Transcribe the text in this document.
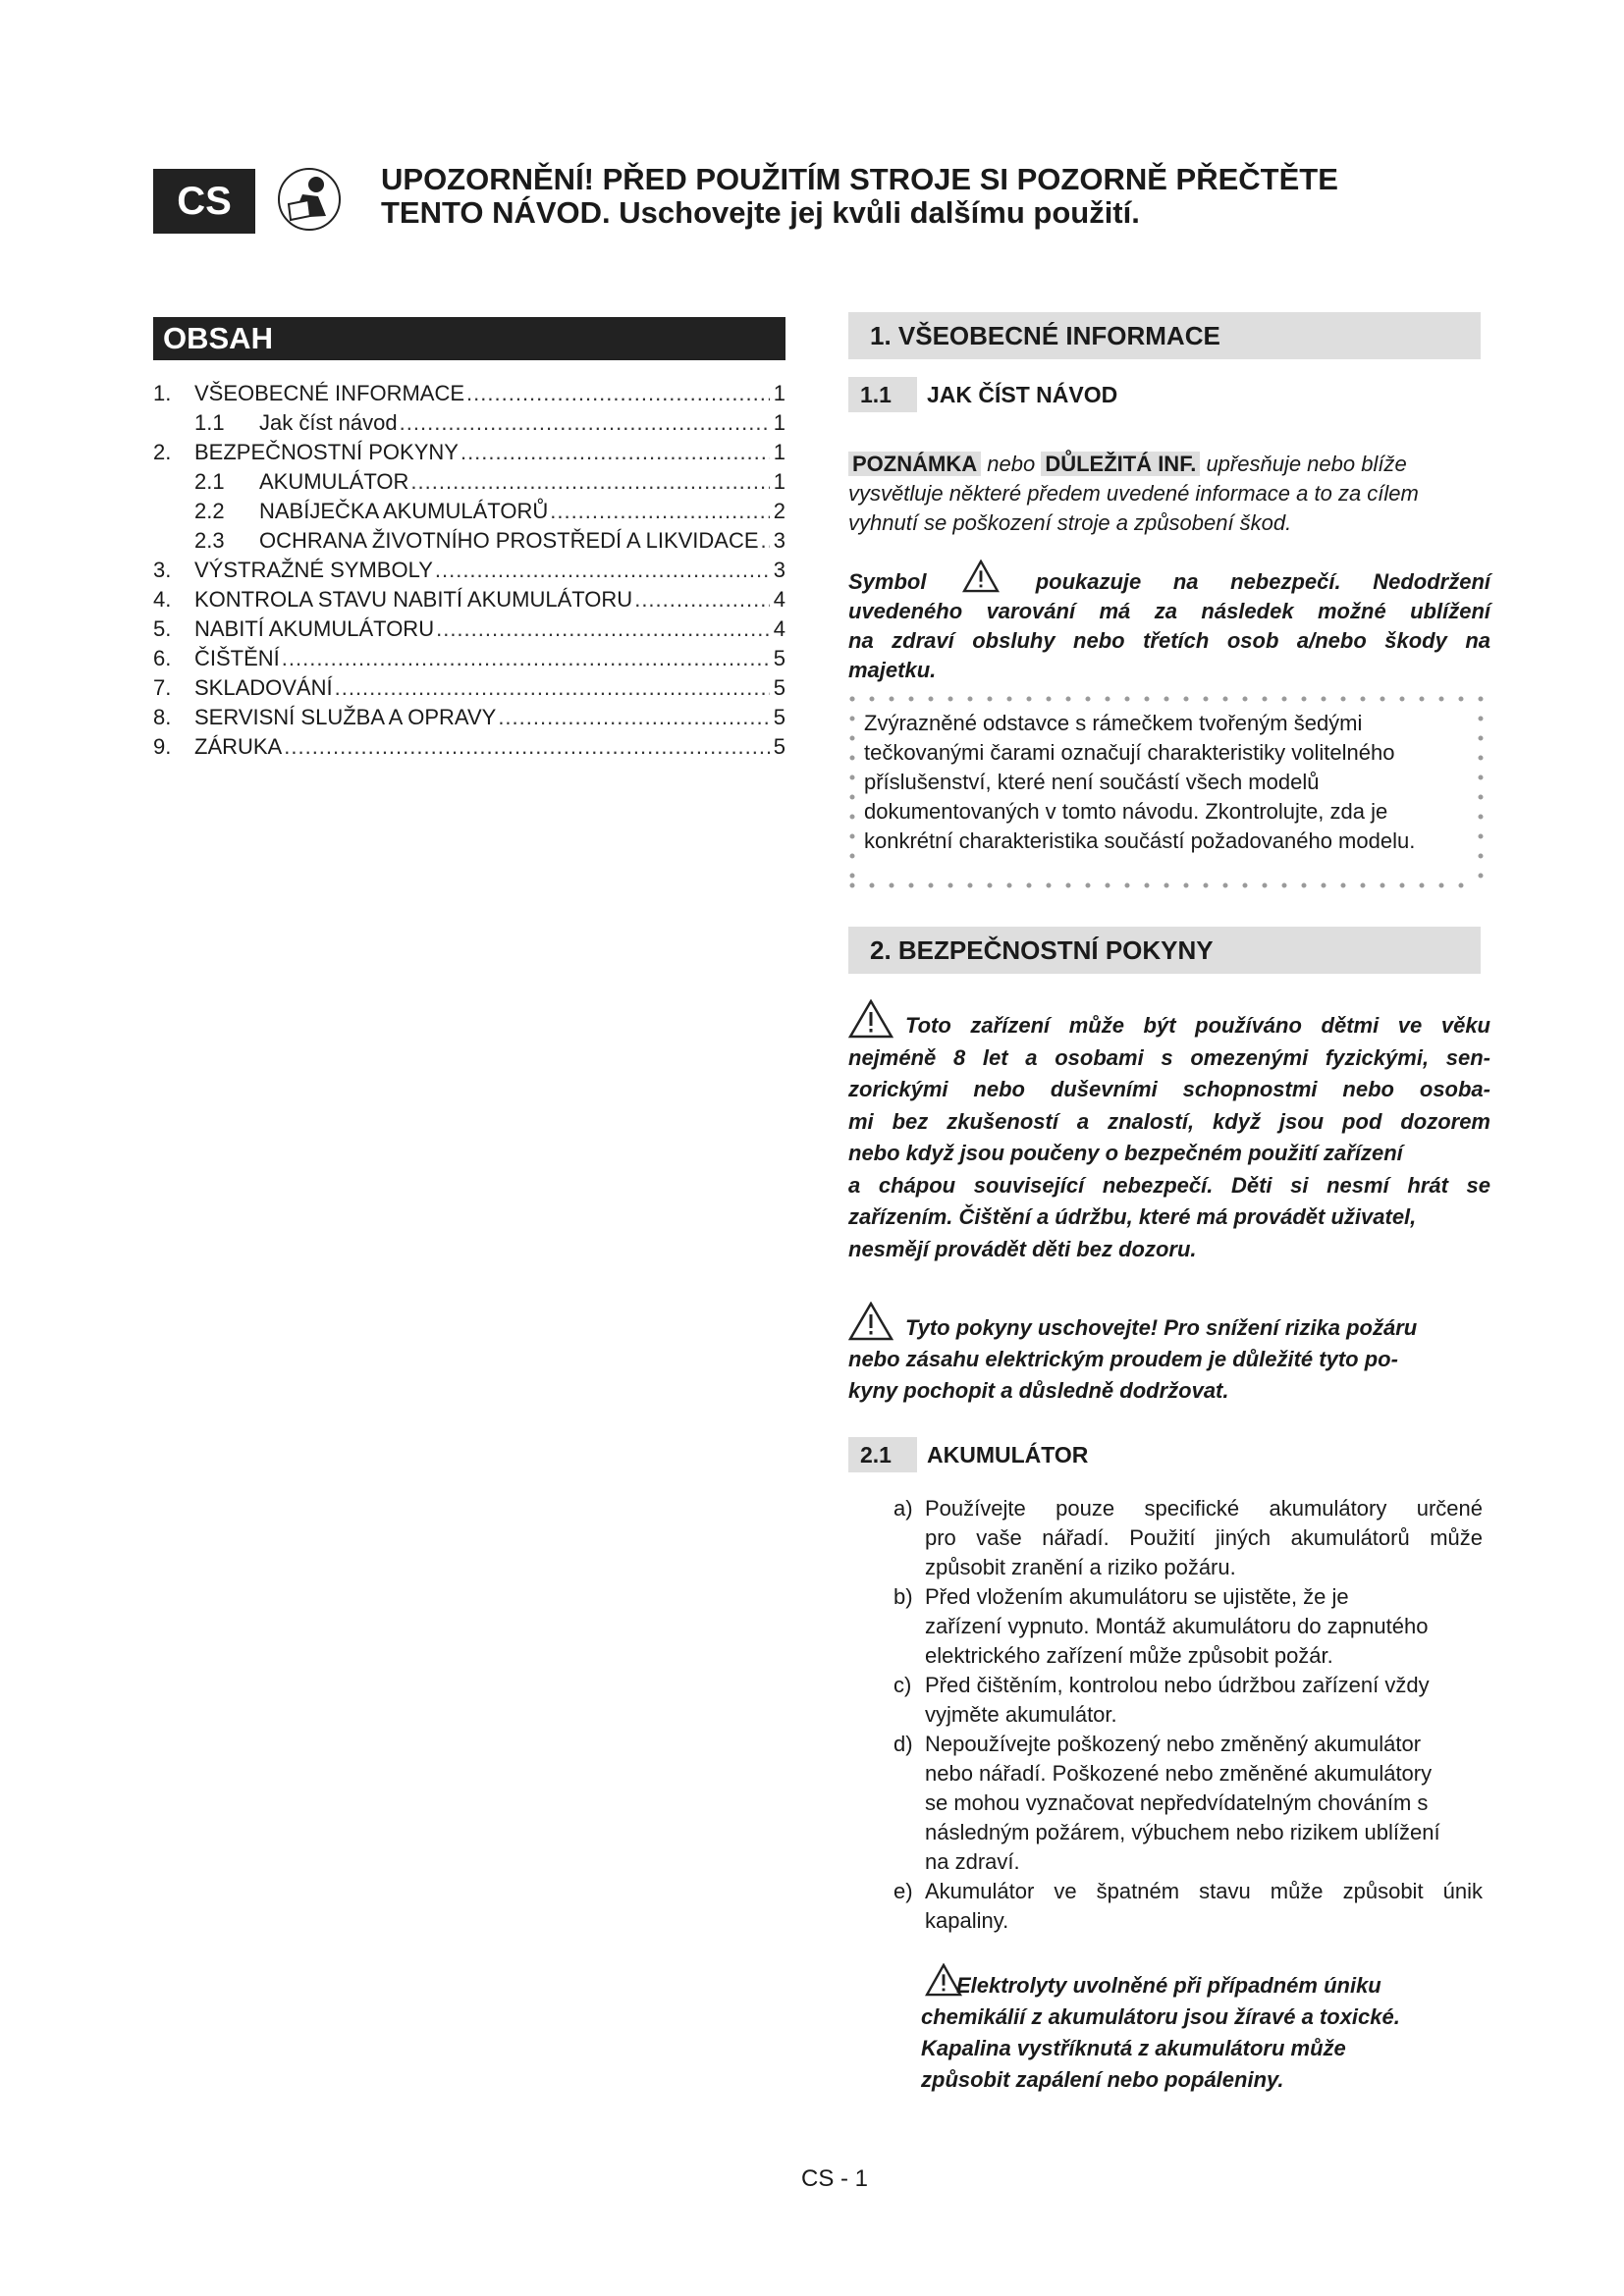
CS	UPOZORNĚNÍ! PŘED POUŽITÍM STROJE SI POZORNĚ PŘEČTĚTE
TENTO NÁVOD. Uschovejte jej kvůli dalšímu použití.
OBSAH
1.	VŠEOBECNÉ INFORMACE .....	1
1.1	Jak číst návod .....	1
2.	BEZPEČNOSTNÍ POKYNY .....	1
2.1	AKUMULÁTOR .....	1
2.2	NABÍJEČKA AKUMULÁTORŮ .....	2
2.3	OCHRANA ŽIVOTNÍHO PROSTŘEDÍ A LIKVIDACE ..... 3
3.	VÝSTRAŽNÉ SYMBOLY .....	3
4.	KONTROLA STAVU NABITÍ AKUMULÁTORU .....	4
5.	NABITÍ AKUMULÁTORU .....	4
6.	ČIŠTĚNÍ .....	5
7.	SKLADOVÁNÍ .....	5
8.	SERVISNÍ SLUŽBA A OPRAVY .....	5
9.	ZÁRUKA .....	5
1. VŠEOBECNÉ INFORMACE
1.1	JAK ČÍST NÁVOD
POZNÁMKA nebo DŮLEŽITÁ INF. upřesňuje nebo blíže
vysvětluje některé předem uvedené informace a to za cílem
vyhnutí se poškození stroje a způsobení škod.
Symbol	poukazuje na nebezpečí. Nedodržení
uvedeného varování má za následek možné ublížení
na zdraví obsluhy nebo třetích osob a/nebo škody na
majetku.
Zvýrazněné odstavce s rámečkem tvořeným šedými
tečkovanými čarami označují charakteristiky volitelného
příslušenství, které není součástí všech modelů
dokumentovaných v tomto návodu. Zkontrolujte, zda je
konkrétní charakteristika součástí požadovaného modelu.
2. BEZPEČNOSTNÍ POKYNY
Toto zařízení může být používáno dětmi ve věku
nejméně 8 let a osobami s omezenými fyzickými, sen-
zorickými nebo duševními schopnostmi nebo osoba-
mi bez zkušeností a znalostí, když jsou pod dozorem
nebo když jsou poučeny o bezpečném použití zařízení
a chápou související nebezpečí. Děti si nesmí hrát se
zařízením. Čištění a údržbu, které má provádět uživatel,
nesmějí provádět děti bez dozoru.
Tyto pokyny uschovejte! Pro snížení rizika požáru
nebo zásahu elektrickým proudem je důležité tyto po-
kyny pochopit a důsledně dodržovat.
2.1	AKUMULÁTOR
a) Používejte pouze specifické akumulátory určené
pro vaše nářadí. Použití jiných akumulátorů může
způsobit zranění a riziko požáru.
b) Před vložením akumulátoru se ujistěte, že je
zařízení vypnuto. Montáž akumulátoru do zapnutého
elektrického zařízení může způsobit požár.
c) Před čištěním, kontrolou nebo údržbou zařízení vždy
vyjměte akumulátor.
d) Nepoužívejte poškozený nebo změněný akumulátor
nebo nářadí. Poškozené nebo změněné akumulátory
se mohou vyznačovat nepředvídatelným chováním s
následným požárem, výbuchem nebo rizikem ublížení
na zdraví.
e) Akumulátor ve špatném stavu může způsobit únik
kapaliny.
Elektrolyty uvolněné při případném úniku
chemikálií z akumulátoru jsou žíravé a toxické.
Kapalina vystříknutá z akumulátoru může
způsobit zapálení nebo popáleniny.
CS - 1
